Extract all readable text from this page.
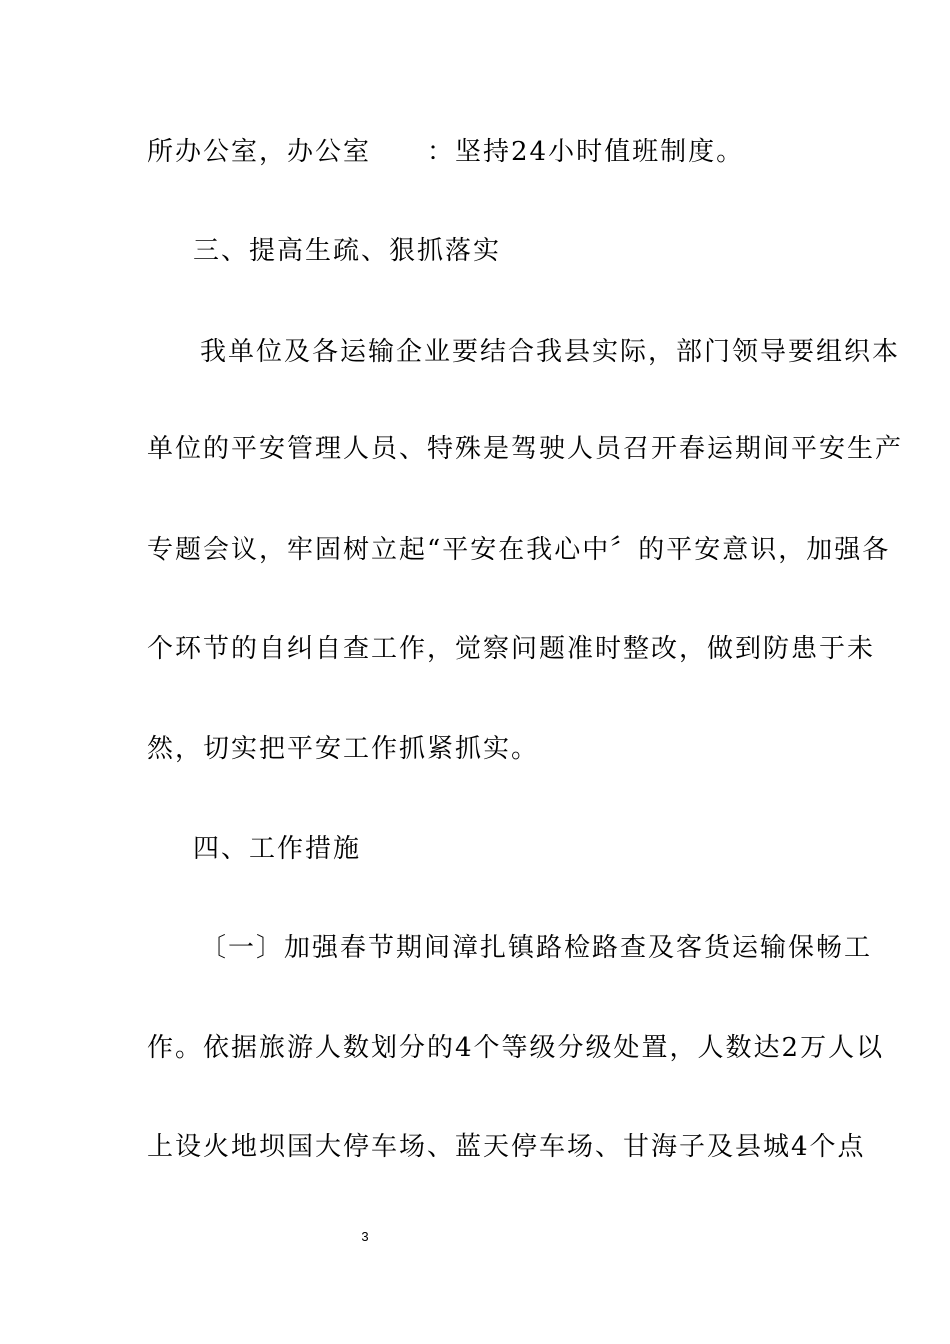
所办公室，办公室　　：坚持24小时值班制度。
三、提高生疏、狠抓落实
我单位及各运输企业要结合我县实际，部门领导要组织本
单位的平安管理人员、特殊是驾驶人员召开春运期间平安生产
专题会议，牢固树立起“平安在我心中〞的平安意识，加强各
个环节的自纠自查工作，觉察问题准时整改，做到防患于未
然，切实把平安工作抓紧抓实。
四、工作措施
〔一〕加强春节期间漳扎镇路检路查及客货运输保畅工
作。依据旅游人数划分的4个等级分级处置，人数达2万人以
上设火地坝国大停车场、蓝天停车场、甘海子及县城4个点
3
